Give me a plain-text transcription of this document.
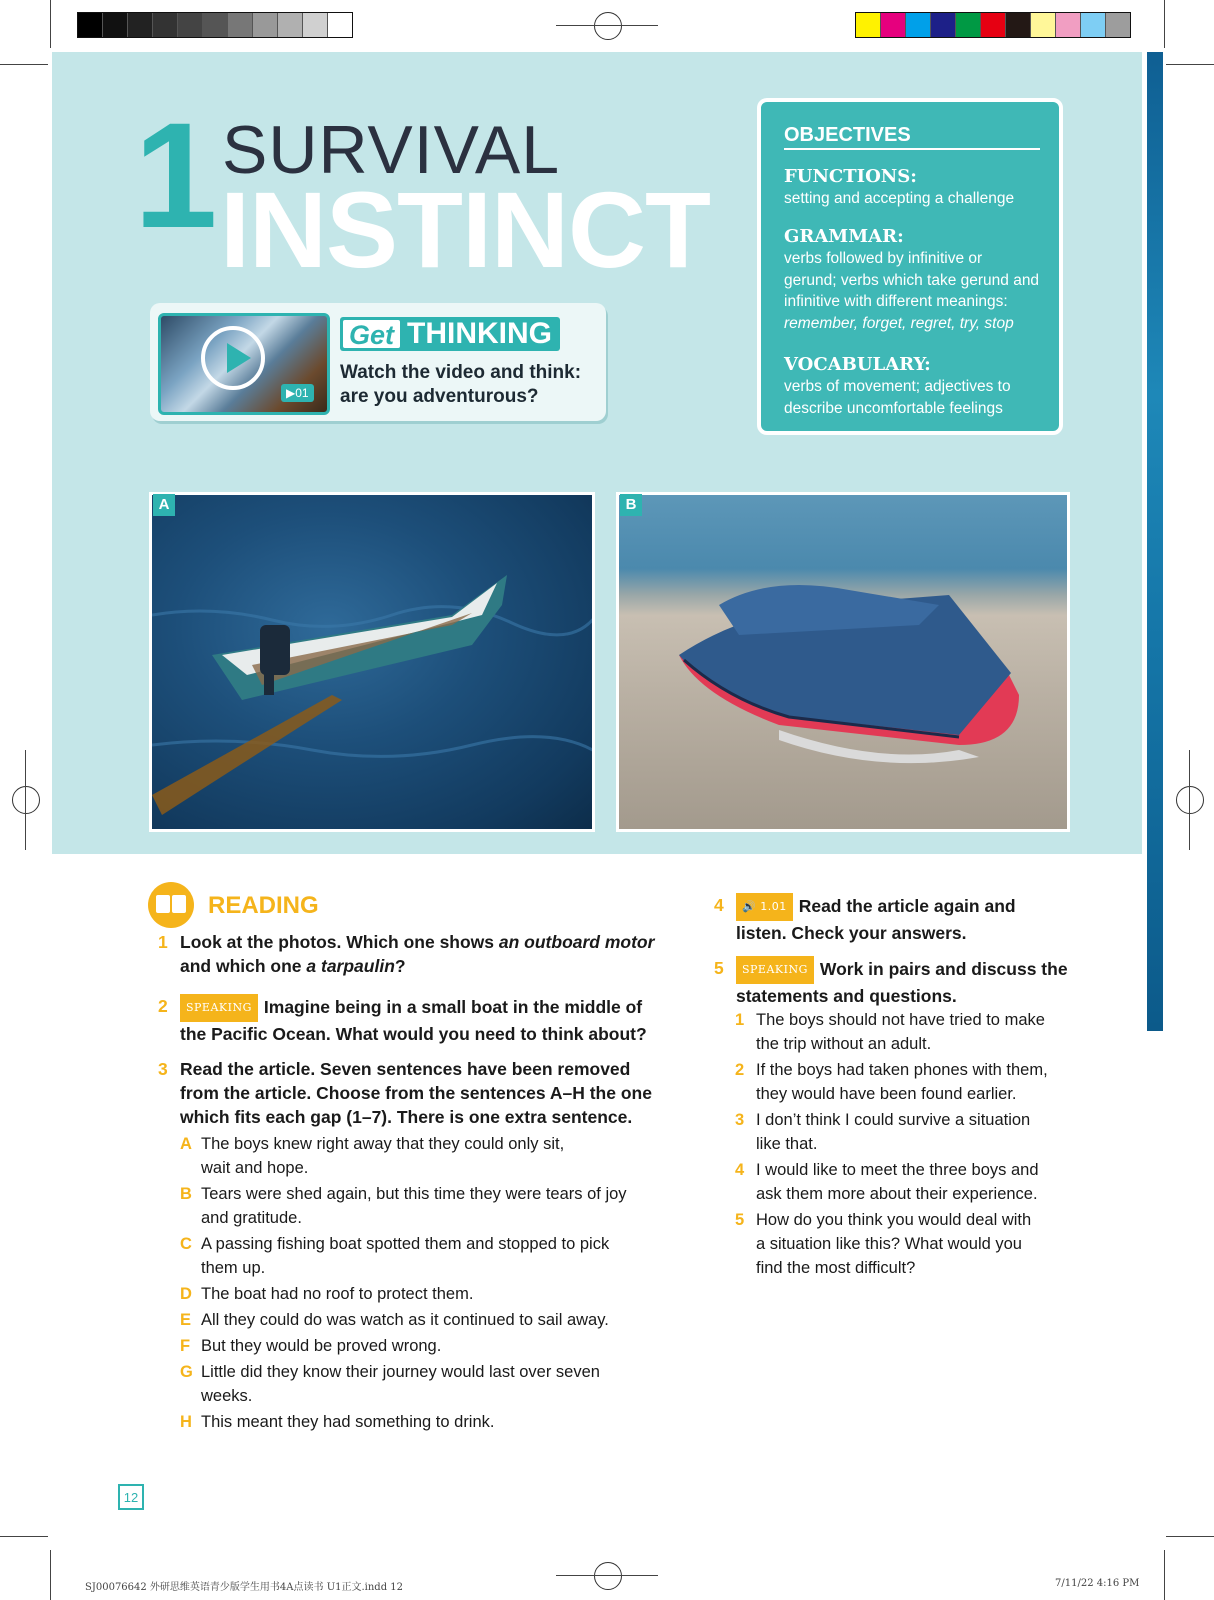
1 SURVIVAL
INSTINCT
▶01
Get THINKING
Watch the video and think:
are you adventurous?
OBJECTIVES
FUNCTIONS:
setting and accepting a challenge
GRAMMAR:
verbs followed by infinitive or
gerund; verbs which take gerund and
infinitive with different meanings:
remember, forget, regret, try, stop
VOCABULARY:
verbs of movement; adjectives to
describe uncomfortable feelings
A	B
READING
1 Look at the photos. Which one shows an outboard motor
and which one a tarpaulin?
2	SPEAKING Imagine being in a small boat in the middle of
the Pacific Ocean. What would you need to think about?
3 Read the article. Seven sentences have been removed
from the article. Choose from the sentences A–H the one
which fits each gap (1–7). There is one extra sentence.
A The boys knew right away that they could only sit,
wait and hope.
B Tears were shed again, but this time they were tears of joy
and gratitude.
C A passing fishing boat spotted them and stopped to pick
them up.
D The boat had no roof to protect them.
E All they could do was watch as it continued to sail away.
F But they would be proved wrong.
G Little did they know their journey would last over seven
weeks.
H This meant they had something to drink.
4	🔊 1.01 Read the article again and
listen. Check your answers.
5	SPEAKING Work in pairs and discuss the
statements and questions.
1 The boys should not have tried to make
the trip without an adult.
2 If the boys had taken phones with them,
they would have been found earlier.
3 I don’t think I could survive a situation
like that.
4 I would like to meet the three boys and
ask them more about their experience.
5 How do you think you would deal with
a situation like this? What would you
find the most difficult?
12
SJ00076642 外研思维英语青少版学生用书4A点读书 U1正文.indd 12	7/11/22 4:16 PM
